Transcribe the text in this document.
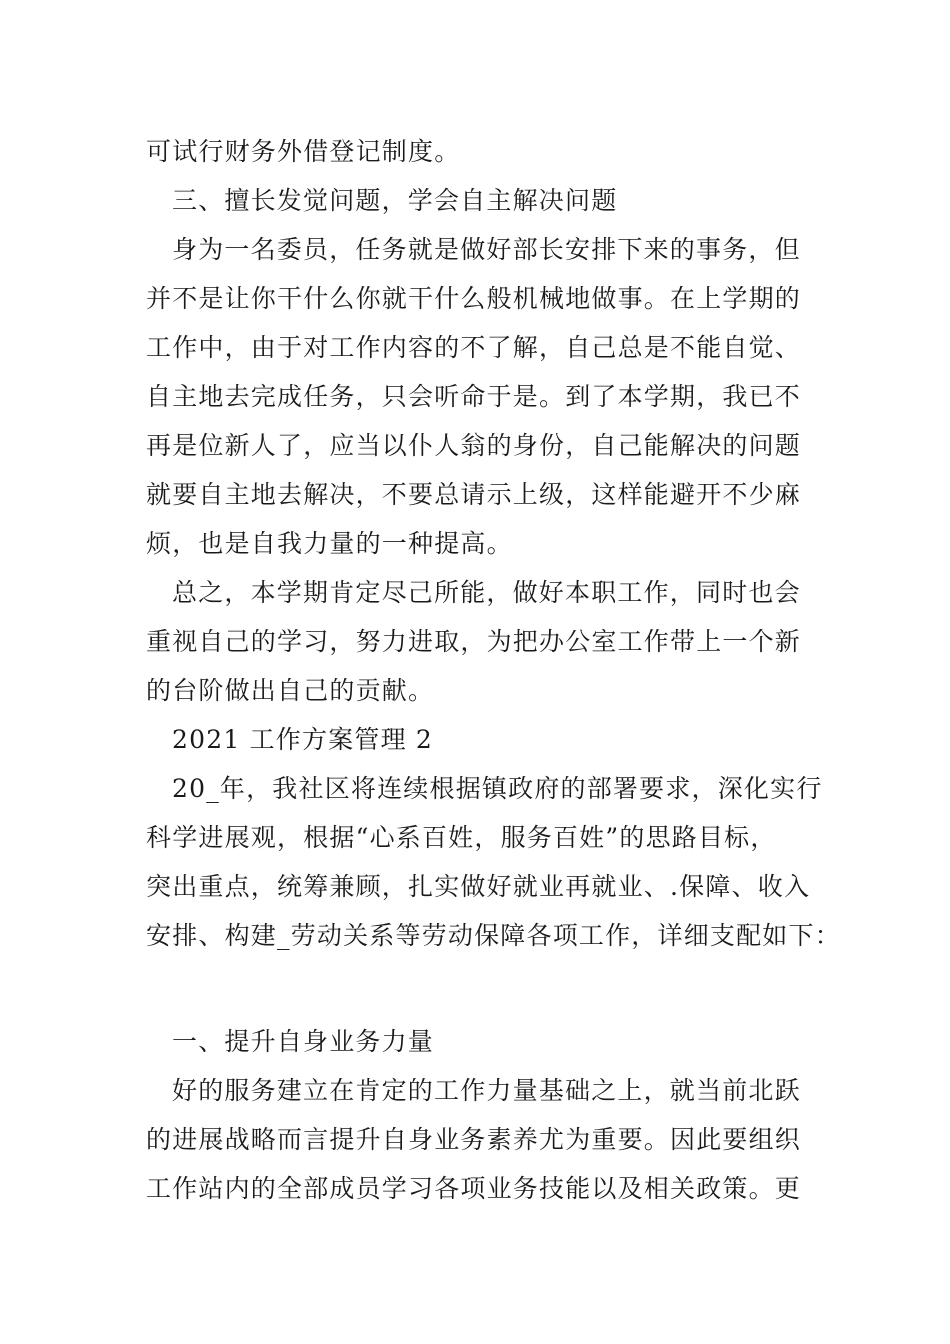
可试行财务外借登记制度。
三、擅长发觉问题，学会自主解决问题
身为一名委员，任务就是做好部长安排下来的事务，但
并不是让你干什么你就干什么般机械地做事。在上学期的
工作中，由于对工作内容的不了解，自己总是不能自觉、
自主地去完成任务，只会听命于是。到了本学期，我已不
再是位新人了，应当以仆人翁的身份，自己能解决的问题
就要自主地去解决，不要总请示上级，这样能避开不少麻
烦，也是自我力量的一种提高。
总之，本学期肯定尽己所能，做好本职工作，同时也会
重视自己的学习，努力进取，为把办公室工作带上一个新
的台阶做出自己的贡献。
2021 工作方案管理 2
20_年，我社区将连续根据镇政府的部署要求，深化实行
科学进展观，根据“心系百姓，服务百姓”的思路目标，
突出重点，统筹兼顾，扎实做好就业再就业、.保障、收入
安排、构建_劳动关系等劳动保障各项工作，详细支配如下：
一、提升自身业务力量
好的服务建立在肯定的工作力量基础之上，就当前北跃
的进展战略而言提升自身业务素养尤为重要。因此要组织
工作站内的全部成员学习各项业务技能以及相关政策。更
